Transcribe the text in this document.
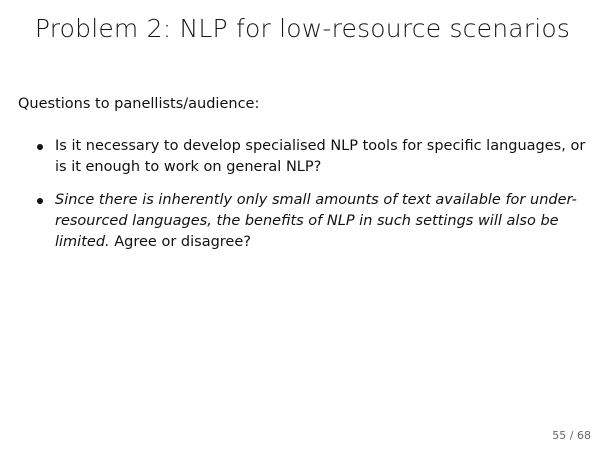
Problem 2: NLP for low-resource scenarios
Questions to panellists/audience:
Is it necessary to develop specialised NLP tools for specific languages, or is it enough to work on general NLP?
Since there is inherently only small amounts of text available for under-resourced languages, the benefits of NLP in such settings will also be limited. Agree or disagree?
55 / 68
